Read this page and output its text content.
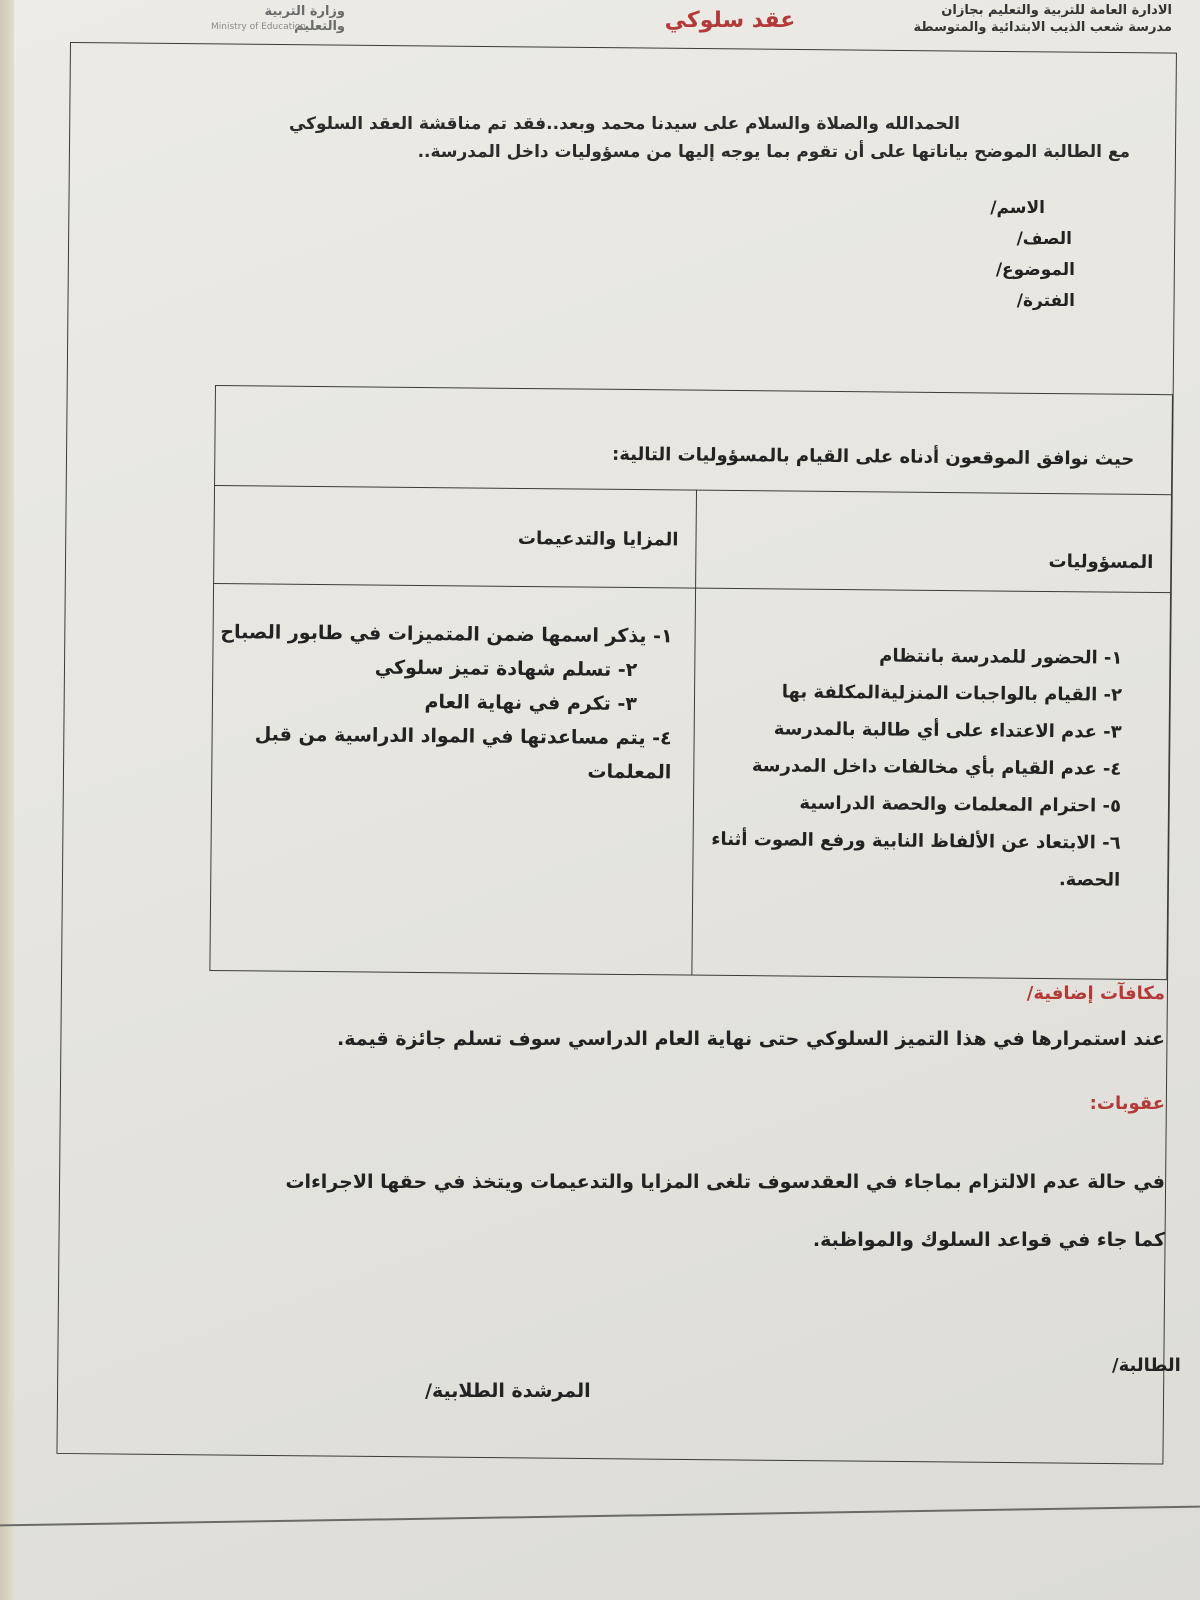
الادارة العامة للتربية والتعليم بجازان
مدرسة شعب الذيب الابتدائية والمتوسطة
عقد سلوكي
وزارة التربية والتعليم
Ministry of Education
الحمدالله والصلاة والسلام على سيدنا محمد وبعد..فقد تم مناقشة العقد السلوكي
مع الطالبة الموضح بياناتها على أن تقوم بما يوجه إليها من مسؤوليات داخل المدرسة..
الاسم/
الصف/
الموضوع/
الفترة/
حيث نوافق الموقعون أدناه على القيام بالمسؤوليات التالية:
المسؤوليات
المزايا والتدعيمات
١- الحضور للمدرسة بانتظام
٢- القيام بالواجبات المنزليةالمكلفة بها
٣- عدم الاعتداء على أي طالبة بالمدرسة
٤- عدم القيام بأي مخالفات داخل المدرسة
٥- احترام المعلمات والحصة الدراسية
٦- الابتعاد عن الألفاظ النابية ورفع الصوت أثناء الحصة.
١- يذكر اسمها ضمن المتميزات في طابور الصباح
٢- تسلم شهادة تميز سلوكي
٣- تكرم في نهاية العام
٤- يتم مساعدتها في المواد الدراسية من قبل المعلمات
مكافآت إضافية/
عند استمرارها في هذا التميز السلوكي حتى نهاية العام الدراسي سوف تسلم جائزة قيمة.
عقوبات:
في حالة عدم الالتزام بماجاء في العقدسوف تلغى المزايا والتدعيمات ويتخذ في حقها الاجراءات
كما جاء في قواعد السلوك والمواظبة.
الطالبة/
المرشدة الطلابية/
